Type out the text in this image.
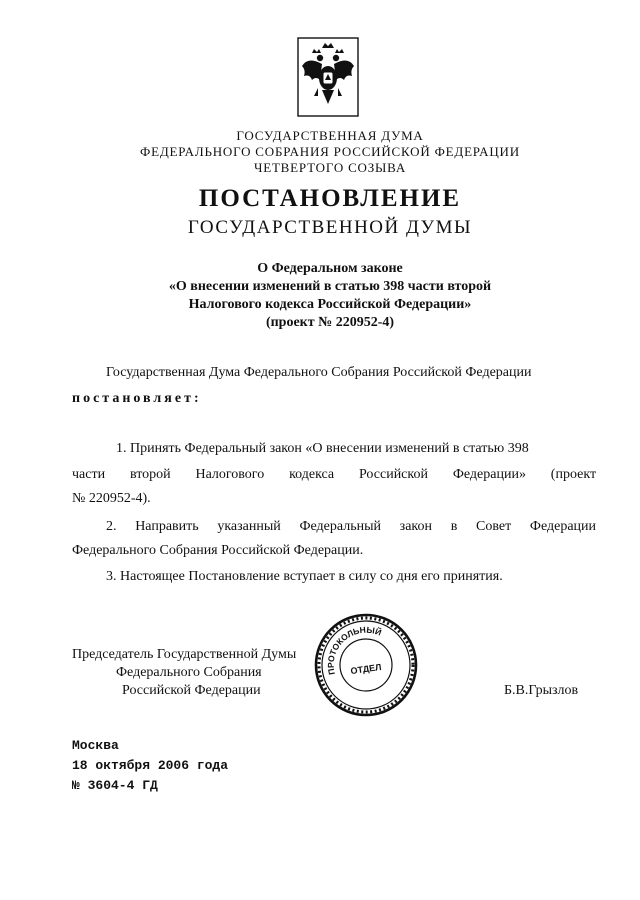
ГОСУДАРСТВЕННАЯ ДУМА
ФЕДЕРАЛЬНОГО СОБРАНИЯ РОССИЙСКОЙ ФЕДЕРАЦИИ
ЧЕТВЕРТОГО СОЗЫВА
ПОСТАНОВЛЕНИЕ
ГОСУДАРСТВЕННОЙ ДУМЫ
О Федеральном законе
«О внесении изменений в статью 398 части второй
Налогового кодекса Российской Федерации»
(проект № 220952-4)
Государственная Дума Федерального Собрания Российской Федерации
постановляет:
1. Принять Федеральный закон «О внесении изменений в статью 398
части второй Налогового кодекса Российской Федерации» (проект
№ 220952-4).
2. Направить указанный Федеральный закон в Совет Федерации
Федерального Собрания Российской Федерации.
3. Настоящее Постановление вступает в силу со дня его принятия.
Председатель Государственной Думы
Федерального Собрания
Российской Федерации	Б.В.Грызлов
ПРОТОКОЛЬНЫЙ
ОТДЕЛ
Москва
18 октября 2006 года
№ 3604-4 ГД
